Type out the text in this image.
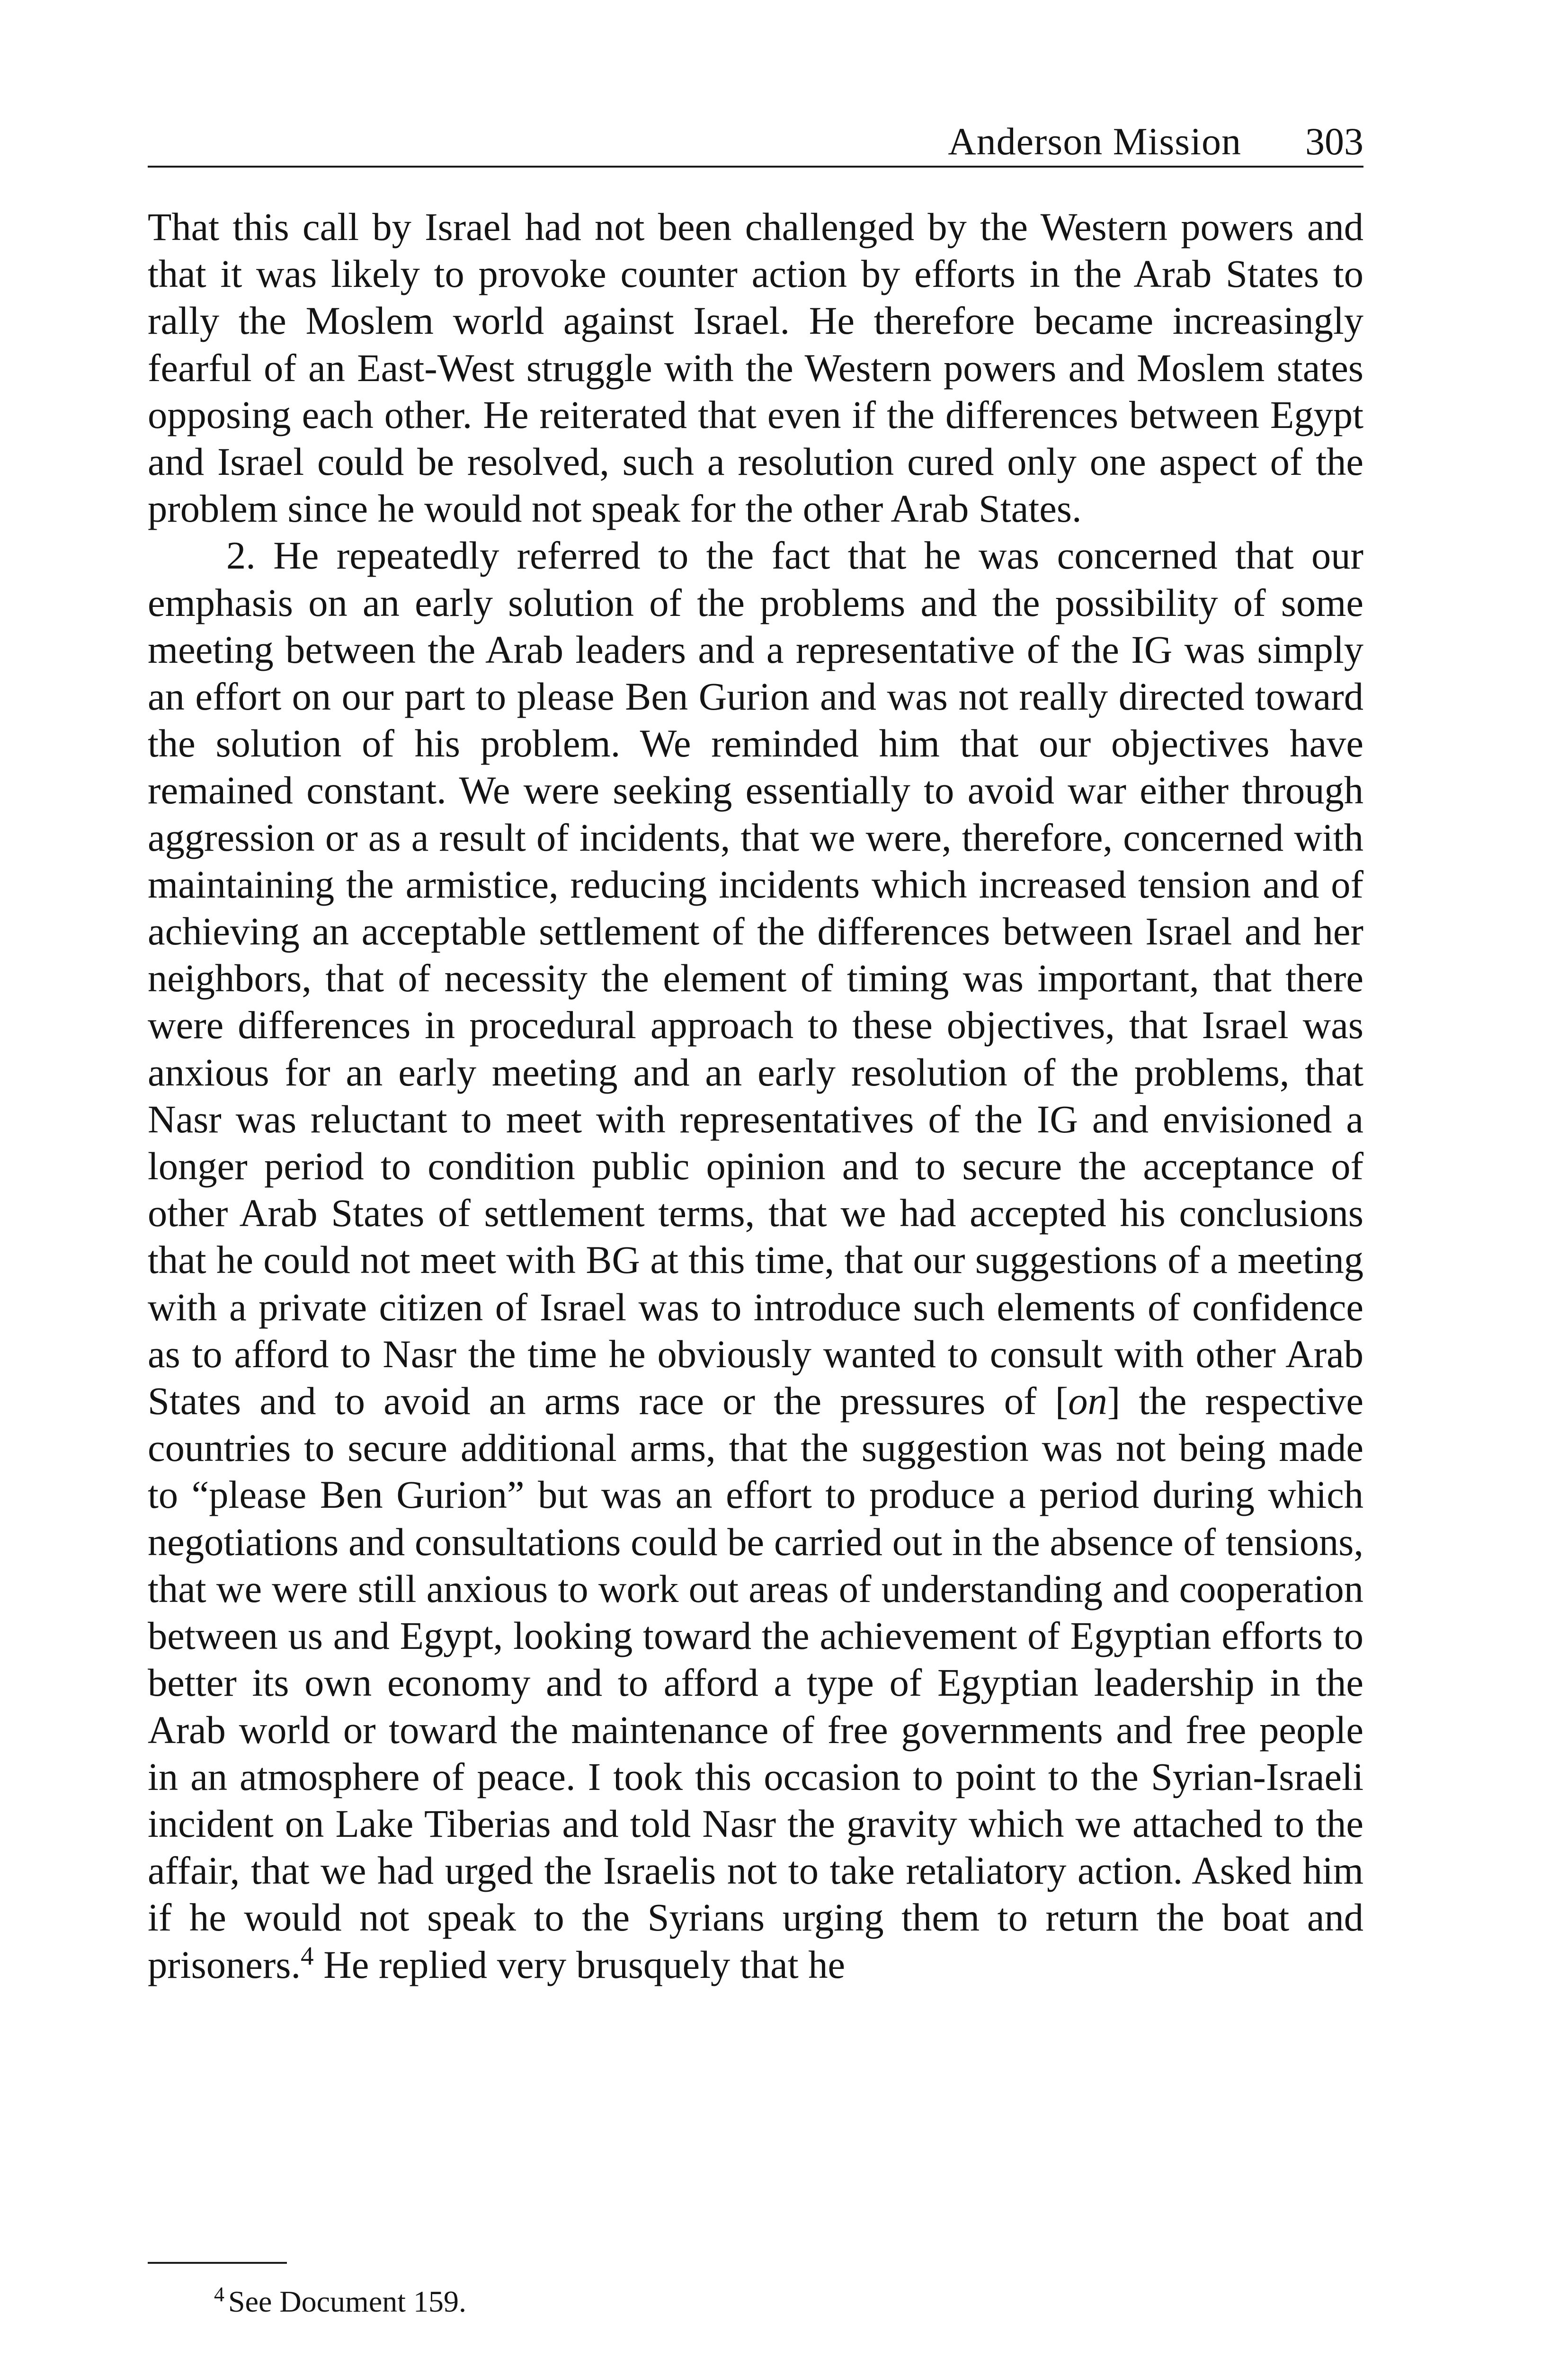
Anderson Mission 303

That this call by Israel had not been challenged by the Western powers and that it was likely to provoke counter action by efforts in the Arab States to rally the Moslem world against Israel. He therefore became increasingly fearful of an East-West struggle with the Western powers and Moslem states opposing each other. He reiterated that even if the differences between Egypt and Israel could be resolved, such a resolution cured only one aspect of the problem since he would not speak for the other Arab States.

2. He repeatedly referred to the fact that he was concerned that our emphasis on an early solution of the problems and the possibility of some meeting between the Arab leaders and a representative of the IG was simply an effort on our part to please Ben Gurion and was not really directed toward the solution of his problem. We reminded him that our objectives have remained constant. We were seeking essentially to avoid war either through aggression or as a result of incidents, that we were, therefore, concerned with maintaining the armistice, reducing incidents which increased tension and of achieving an acceptable settlement of the differences between Israel and her neighbors, that of necessity the element of timing was important, that there were differences in procedural approach to these objectives, that Israel was anxious for an early meeting and an early resolution of the problems, that Nasr was reluctant to meet with representatives of the IG and envisioned a longer period to condition public opinion and to secure the acceptance of other Arab States of settlement terms, that we had accepted his conclusions that he could not meet with BG at this time, that our suggestions of a meeting with a private citizen of Israel was to introduce such elements of confidence as to afford to Nasr the time he obviously wanted to consult with other Arab States and to avoid an arms race or the pressures of [on] the respective countries to secure additional arms, that the suggestion was not being made to “please Ben Gurion” but was an effort to produce a period during which negotiations and consultations could be carried out in the absence of tensions, that we were still anxious to work out areas of understanding and cooperation between us and Egypt, looking toward the achievement of Egyptian efforts to better its own economy and to afford a type of Egyptian leadership in the Arab world or toward the maintenance of free governments and free people in an atmosphere of peace. I took this occasion to point to the Syrian-Israeli incident on Lake Tiberias and told Nasr the gravity which we attached to the affair, that we had urged the Israelis not to take retaliatory action. Asked him if he would not speak to the Syrians urging them to return the boat and prisoners.$^4$ He replied very brusquely that he

$^4$ See Document 159.
